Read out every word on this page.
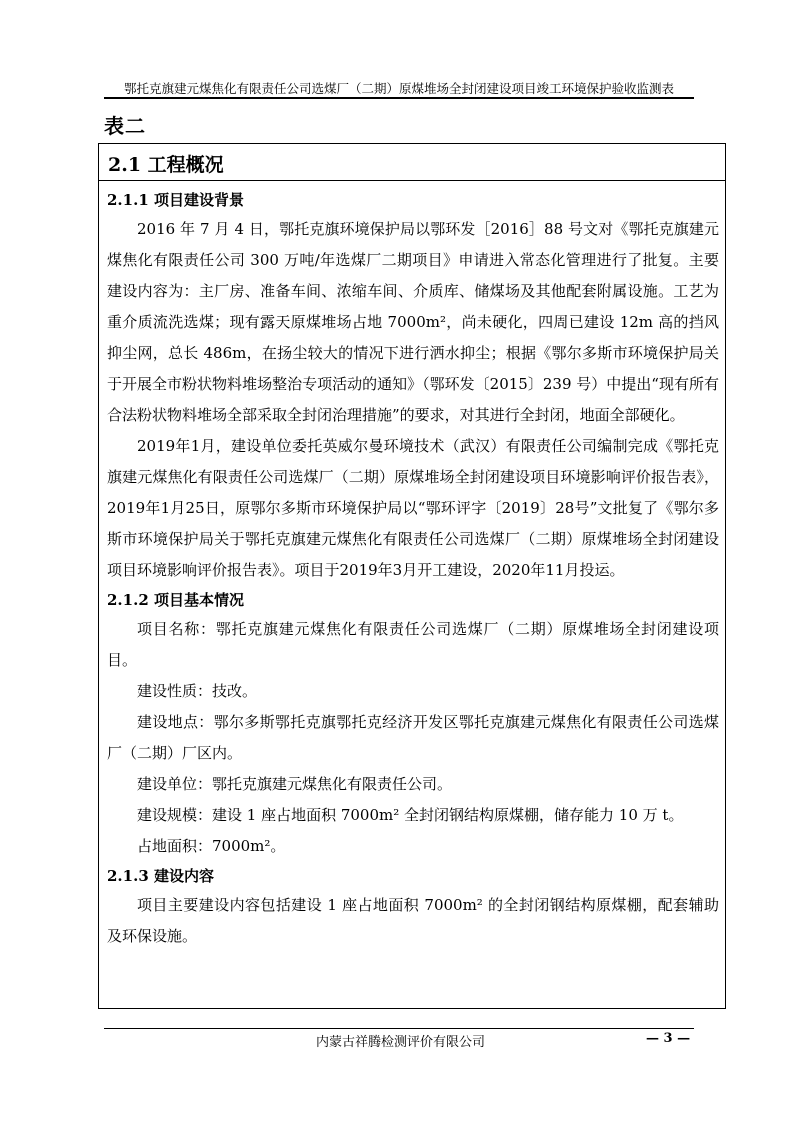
鄂托克旗建元煤焦化有限责任公司选煤厂（二期）原煤堆场全封闭建设项目竣工环境保护验收监测表
表二
2.1 工程概况
2.1.1 项目建设背景

2016 年 7 月 4 日，鄂托克旗环境保护局以鄂环发［2016］88 号文对《鄂托克旗建元煤焦化有限责任公司 300 万吨/年选煤厂二期项目》申请进入常态化管理进行了批复。主要建设内容为：主厂房、准备车间、浓缩车间、介质库、储煤场及其他配套附属设施。工艺为重介质流洗选煤；现有露天原煤堆场占地 7000m²，尚未硬化，四周已建设 12m 高的挡风抑尘网，总长 486m，在扬尘较大的情况下进行洒水抑尘；根据《鄂尔多斯市环境保护局关于开展全市粉状物料堆场整治专项活动的通知》（鄂环发〔2015〕239 号）中提出“现有所有合法粉状物料堆场全部采取全封闭治理措施”的要求，对其进行全封闭，地面全部硬化。

2019年1月，建设单位委托英威尔曼环境技术（武汉）有限责任公司编制完成《鄂托克旗建元煤焦化有限责任公司选煤厂（二期）原煤堆场全封闭建设项目环境影响评价报告表》，2019年1月25日，原鄂尔多斯市环境保护局以“鄂环评字〔2019〕28号”文批复了《鄂尔多斯市环境保护局关于鄂托克旗建元煤焦化有限责任公司选煤厂（二期）原煤堆场全封闭建设项目环境影响评价报告表》。项目于2019年3月开工建设，2020年11月投运。

2.1.2 项目基本情况

项目名称：鄂托克旗建元煤焦化有限责任公司选煤厂（二期）原煤堆场全封闭建设项目。

建设性质：技改。

建设地点：鄂尔多斯鄂托克旗鄂托克经济开发区鄂托克旗建元煤焦化有限责任公司选煤厂（二期）厂区内。

建设单位：鄂托克旗建元煤焦化有限责任公司。

建设规模：建设 1 座占地面积 7000m² 全封闭钢结构原煤棚，储存能力 10 万 t。

占地面积：7000m²。

2.1.3 建设内容

项目主要建设内容包括建设 1 座占地面积 7000m² 的全封闭钢结构原煤棚，配套辅助及环保设施。

内蒙古祥腾检测评价有限公司	— 3 —
